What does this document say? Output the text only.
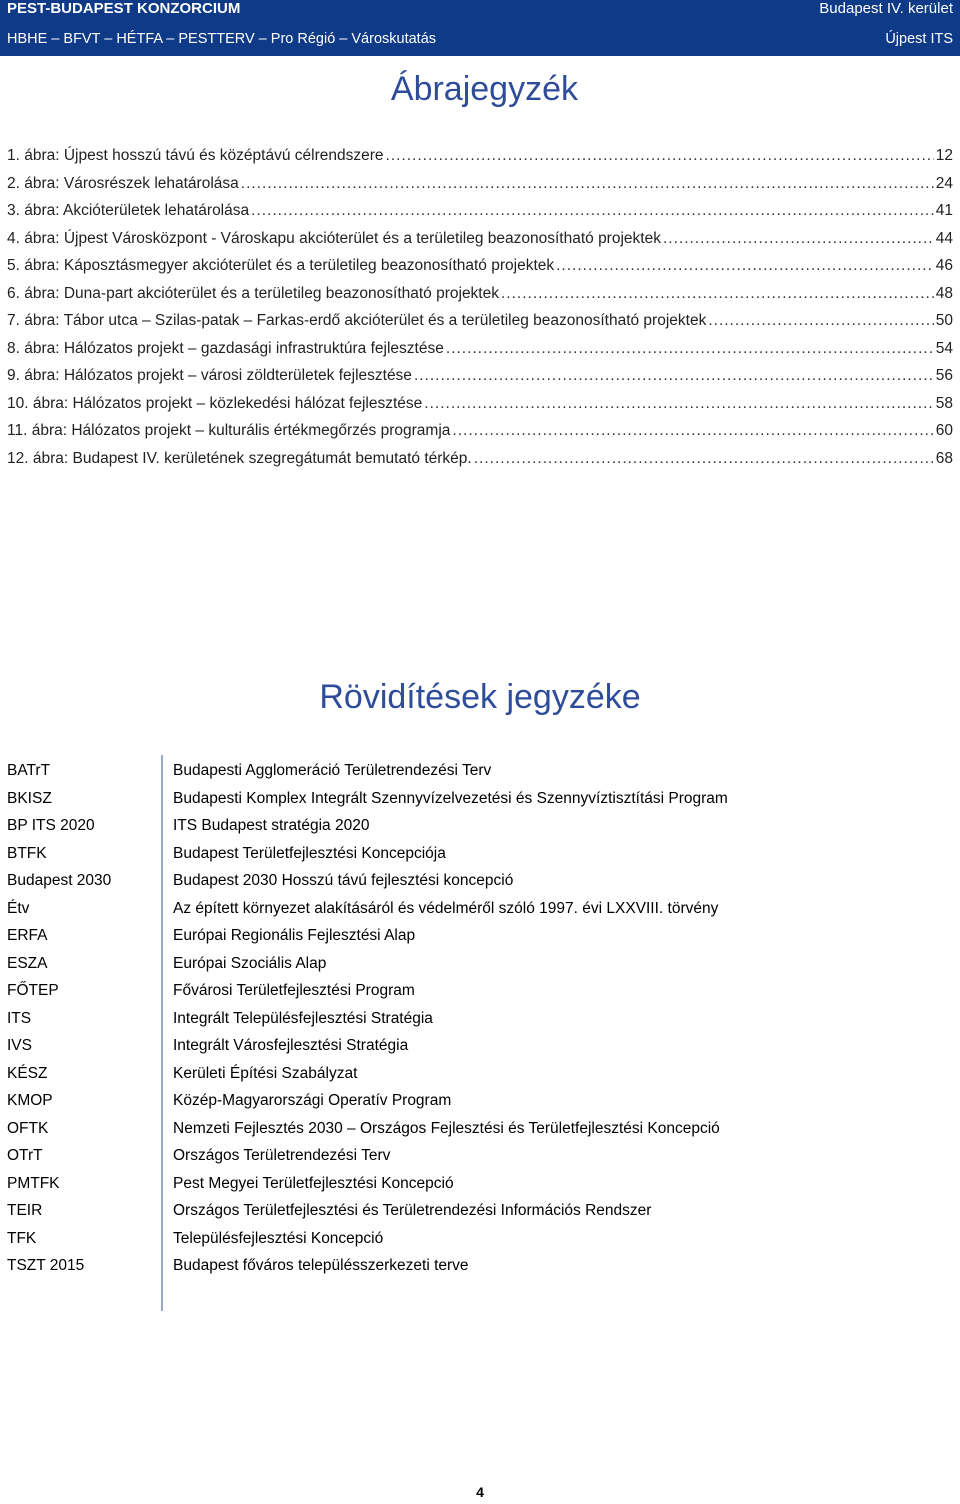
PEST-BUDAPEST KONZORCIUM
HBHE – BFVT – HÉTFA – PESTTERV – Pro Régió – Városkutatás
Budapest IV. kerület
Újpest ITS
Ábrajegyzék
1. ábra: Újpest hosszú távú és középtávú célrendszere .....	12
2. ábra: Városrészek lehatárolása .....	24
3. ábra: Akcióterületek lehatárolása .....	41
4. ábra: Újpest Városközpont - Városkapu akcióterület és a területileg beazonosítható projektek .....	44
5. ábra: Káposztásmegyer akcióterület és a területileg beazonosítható projektek .....	46
6. ábra: Duna-part akcióterület és a területileg beazonosítható projektek .....	48
7. ábra: Tábor utca – Szilas-patak – Farkas-erdő akcióterület és a területileg beazonosítható projektek .....	50
8. ábra: Hálózatos projekt – gazdasági infrastruktúra fejlesztése .....	54
9. ábra: Hálózatos projekt – városi zöldterületek fejlesztése .....	56
10. ábra: Hálózatos projekt – közlekedési hálózat fejlesztése .....	58
11. ábra: Hálózatos projekt – kulturális értékmegőrzés programja .....	60
12. ábra: Budapest IV. kerületének szegregátumát bemutató térkép. .....	68
Rövidítések jegyzéke
BATrT	Budapesti Agglomeráció Területrendezési Terv
BKISZ	Budapesti Komplex Integrált Szennyvízelvezetési és Szennyvíztisztítási Program
BP ITS 2020	ITS Budapest stratégia 2020
BTFK	Budapest Területfejlesztési Koncepciója
Budapest 2030	Budapest 2030 Hosszú távú fejlesztési koncepció
Étv	Az épített környezet alakításáról és védelméről szóló 1997. évi LXXVIII. törvény
ERFA	Európai Regionális Fejlesztési Alap
ESZA	Európai Szociális Alap
FŐTEP	Fővárosi Területfejlesztési Program
ITS	Integrált Településfejlesztési Stratégia
IVS	Integrált Városfejlesztési Stratégia
KÉSZ	Kerületi Építési Szabályzat
KMOP	Közép-Magyarországi Operatív Program
OFTK	Nemzeti Fejlesztés 2030 – Országos Fejlesztési és Területfejlesztési Koncepció
OTrT	Országos Területrendezési Terv
PMTFK	Pest Megyei Területfejlesztési Koncepció
TEIR	Országos Területfejlesztési és Területrendezési Információs Rendszer
TFK	Településfejlesztési Koncepció
TSZT 2015	Budapest főváros településszerkezeti terve
4
